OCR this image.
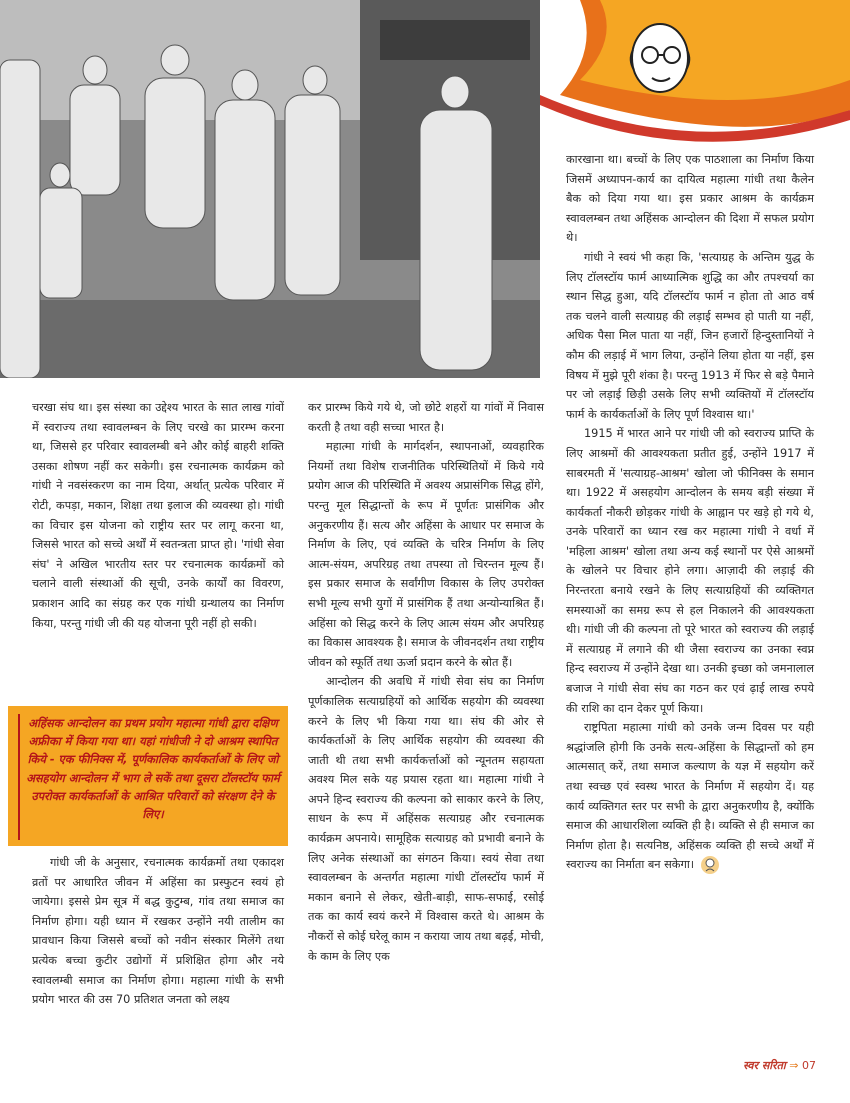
चरखा संघ था। इस संस्था का उद्देश्य भारत के सात लाख गांवों में स्वराज्य तथा स्वावलम्बन के लिए चरखे का प्रारम्भ करना था, जिससे हर परिवार स्वावलम्बी बने और कोई बाहरी शक्ति उसका शोषण नहीं कर सकेगी। इस रचनात्मक कार्यक्रम को गांधी ने नवसंस्करण का नाम दिया, अर्थात् प्रत्येक परिवार में रोटी, कपड़ा, मकान, शिक्षा तथा इलाज की व्यवस्था हो। गांधी का विचार इस योजना को राष्ट्रीय स्तर पर लागू करना था, जिससे भारत को सच्चे अर्थों में स्वतन्त्रता प्राप्त हो। 'गांधी सेवा संघ' ने अखिल भारतीय स्तर पर रचनात्मक कार्यक्रमों को चलाने वाली संस्थाओं की सूची, उनके कार्यों का विवरण, प्रकाशन आदि का संग्रह कर एक गांधी ग्रन्थालय का निर्माण किया, परन्तु गांधी जी की यह योजना पूरी नहीं हो सकी।

अहिंसक आन्दोलन का प्रथम प्रयोग महात्मा गांधी द्वारा दक्षिण अफ्रीका में किया गया था। यहां गांधीजी ने दो आश्रम स्थापित किये - एक फीनिक्स में, पूर्णकालिक कार्यकर्ताओं के लिए जो असहयोग आन्दोलन में भाग ले सकें तथा दूसरा टॉलस्टॉय फार्म उपरोक्त कार्यकर्ताओं के आश्रित परिवारों को संरक्षण देने के लिए।

गांधी जी के अनुसार, रचनात्मक कार्यक्रमों तथा एकादश व्रतों पर आधारित जीवन में अहिंसा का प्रस्फुटन स्वयं हो जायेगा। इससे प्रेम सूत्र में बद्ध कुटुम्ब, गांव तथा समाज का निर्माण होगा। यही ध्यान में रखकर उन्होंने नयी तालीम का प्रावधान किया जिससे बच्चों को नवीन संस्कार मिलेंगे तथा प्रत्येक बच्चा कुटीर उद्योगों में प्रशिक्षित होगा और नये स्वावलम्बी समाज का निर्माण होगा। महात्मा गांधी के सभी प्रयोग भारत की उस 70 प्रतिशत जनता को लक्ष्य

कर प्रारम्भ किये गये थे, जो छोटे शहरों या गांवों में निवास करती है तथा वही सच्चा भारत है।

महात्मा गांधी के मार्गदर्शन, स्थापनाओं, व्यवहारिक नियमों तथा विशेष राजनीतिक परिस्थितियों में किये गये प्रयोग आज की परिस्थिति में अवश्य अप्रासंगिक सिद्ध होंगे, परन्तु मूल सिद्धान्तों के रूप में पूर्णतः प्रासंगिक और अनुकरणीय हैं। सत्य और अहिंसा के आधार पर समाज के निर्माण के लिए, एवं व्यक्ति के चरित्र निर्माण के लिए आत्म-संयम, अपरिग्रह तथा तपस्या तो चिरन्तन मूल्य हैं। इस प्रकार समाज के सर्वांगीण विकास के लिए उपरोक्त सभी मूल्य सभी युगों में प्रासंगिक हैं तथा अन्योन्याश्रित हैं। अहिंसा को सिद्ध करने के लिए आत्म संयम और अपरिग्रह का विकास आवश्यक है। समाज के जीवनदर्शन तथा राष्ट्रीय जीवन को स्फूर्ति तथा ऊर्जा प्रदान करने के स्रोत हैं।

आन्दोलन की अवधि में गांधी सेवा संघ का निर्माण पूर्णकालिक सत्याग्रहियों को आर्थिक सहयोग की व्यवस्था करने के लिए भी किया गया था। संघ की ओर से कार्यकर्ताओं के लिए आर्थिक सहयोग की व्यवस्था की जाती थी तथा सभी कार्यकर्त्ताओं को न्यूनतम सहायता अवश्य मिल सके यह प्रयास रहता था। महात्मा गांधी ने अपने हिन्द स्वराज्य की कल्पना को साकार करने के लिए, साधन के रूप में अहिंसक सत्याग्रह और रचनात्मक कार्यक्रम अपनाये। सामूहिक सत्याग्रह को प्रभावी बनाने के लिए अनेक संस्थाओं का संगठन किया। स्वयं सेवा तथा स्वावलम्बन के अन्तर्गत महात्मा गांधी टॉलस्टॉय फार्म में मकान बनाने से लेकर, खेती-बाड़ी, साफ-सफाई, रसोई तक का कार्य स्वयं करने में विश्वास करते थे। आश्रम के नौकरों से कोई घरेलू काम न कराया जाय तथा बढ़ई, मोची, के काम के लिए एक

कारखाना था। बच्चों के लिए एक पाठशाला का निर्माण किया जिसमें अध्यापन-कार्य का दायित्व महात्मा गांधी तथा कैलेन बैक को दिया गया था। इस प्रकार आश्रम के कार्यक्रम स्वावलम्बन तथा अहिंसक आन्दोलन की दिशा में सफल प्रयोग थे।

गांधी ने स्वयं भी कहा कि, 'सत्याग्रह के अन्तिम युद्ध के लिए टॉलस्टॉय फार्म आध्यात्मिक शुद्धि का और तपश्चर्या का स्थान सिद्ध हुआ, यदि टॉलस्टॉय फार्म न होता तो आठ वर्ष तक चलने वाली सत्याग्रह की लड़ाई सम्भव हो पाती या नहीं, अधिक पैसा मिल पाता या नहीं, जिन हजारों हिन्दुस्तानियों ने कौम की लड़ाई में भाग लिया, उन्होंने लिया होता या नहीं, इस विषय में मुझे पूरी शंका है। परन्तु 1913 में फिर से बड़े पैमाने पर जो लड़ाई छिड़ी उसके लिए सभी व्यक्तियों में टॉलस्टॉय फार्म के कार्यकर्ताओं के लिए पूर्ण विश्वास था।'

1915 में भारत आने पर गांधी जी को स्वराज्य प्राप्ति के लिए आश्रमों की आवश्यकता प्रतीत हुई, उन्होंने 1917 में साबरमती में 'सत्याग्रह-आश्रम' खोला जो फीनिक्स के समान था। 1922 में असहयोग आन्दोलन के समय बड़ी संख्या में कार्यकर्ता नौकरी छोड़कर गांधी के आह्वान पर खड़े हो गये थे, उनके परिवारों का ध्यान रख कर महात्मा गांधी ने वर्धा में 'महिला आश्रम' खोला तथा अन्य कई स्थानों पर ऐसे आश्रमों के खोलने पर विचार होने लगा। आज़ादी की लड़ाई की निरन्तरता बनाये रखने के लिए सत्याग्रहियों की व्यक्तिगत समस्याओं का समग्र रूप से हल निकालने की आवश्यकता थी। गांधी जी की कल्पना तो पूरे भारत को स्वराज्य की लड़ाई में सत्याग्रह में लगाने की थी जैसा स्वराज्य का उनका स्वप्न हिन्द स्वराज्य में उन्होंने देखा था। उनकी इच्छा को जमनालाल बजाज ने गांधी सेवा संघ का गठन कर एवं ढ़ाई लाख रुपये की राशि का दान देकर पूर्ण किया।

राष्ट्रपिता महात्मा गांधी को उनके जन्म दिवस पर यही श्रद्धांजलि होगी कि उनके सत्य-अहिंसा के सिद्धान्तों को हम आत्मसात् करें, तथा समाज कल्याण के यज्ञ में सहयोग करें तथा स्वच्छ एवं स्वस्थ भारत के निर्माण में सहयोग दें। यह कार्य व्यक्तिगत स्तर पर सभी के द्वारा अनुकरणीय है, क्योंकि समाज की आधारशिला व्यक्ति ही है। व्यक्ति से ही समाज का निर्माण होता है। सत्यनिष्ठ, अहिंसक व्यक्ति ही सच्चे अर्थों में स्वराज्य का निर्माता बन सकेगा।

स्वर सरिता ⇒ 07
